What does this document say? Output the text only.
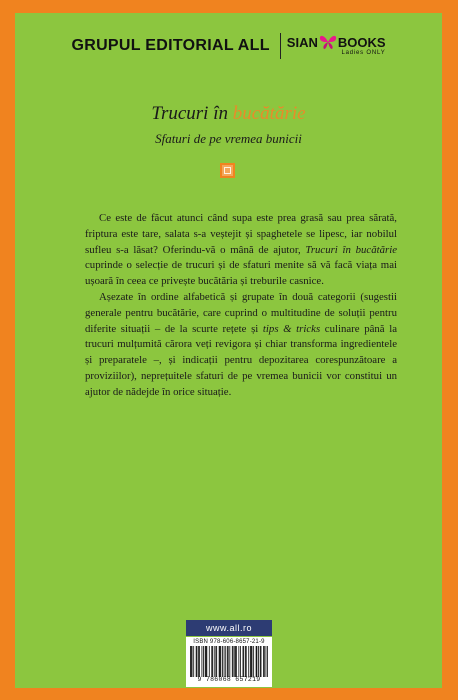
GRUPUL EDITORIAL ALL	SIAN BOOKS
Ladies ONLY
Trucuri în bucătărie
Sfaturi de pe vremea bunicii

Ce este de făcut atunci când supa este prea grasă sau prea sărată, friptura este tare, salata s-a veștejit și spaghetele se lipesc, iar nobilul sufleu s-a lăsat? Oferindu-vă o mână de ajutor, Trucuri în bucătărie cuprinde o selecție de trucuri și de sfaturi menite să vă facă viața mai ușoară în ceea ce privește bucătăria și treburile casnice.

Așezate în ordine alfabetică și grupate în două categorii (sugestii generale pentru bucătărie, care cuprind o multitudine de soluții pentru diferite situații – de la scurte rețete și tips & tricks culinare până la trucuri mulțumită cărora veți revigora și chiar transforma ingredientele și preparatele –, și indicații pentru depozitarea corespunzătoare a proviziilor), neprețuitele sfaturi de pe vremea bunicii vor constitui un ajutor de nădejde în orice situație.

www.all.ro
ISBN 978-606-8657-21-9
9 786068 657219
